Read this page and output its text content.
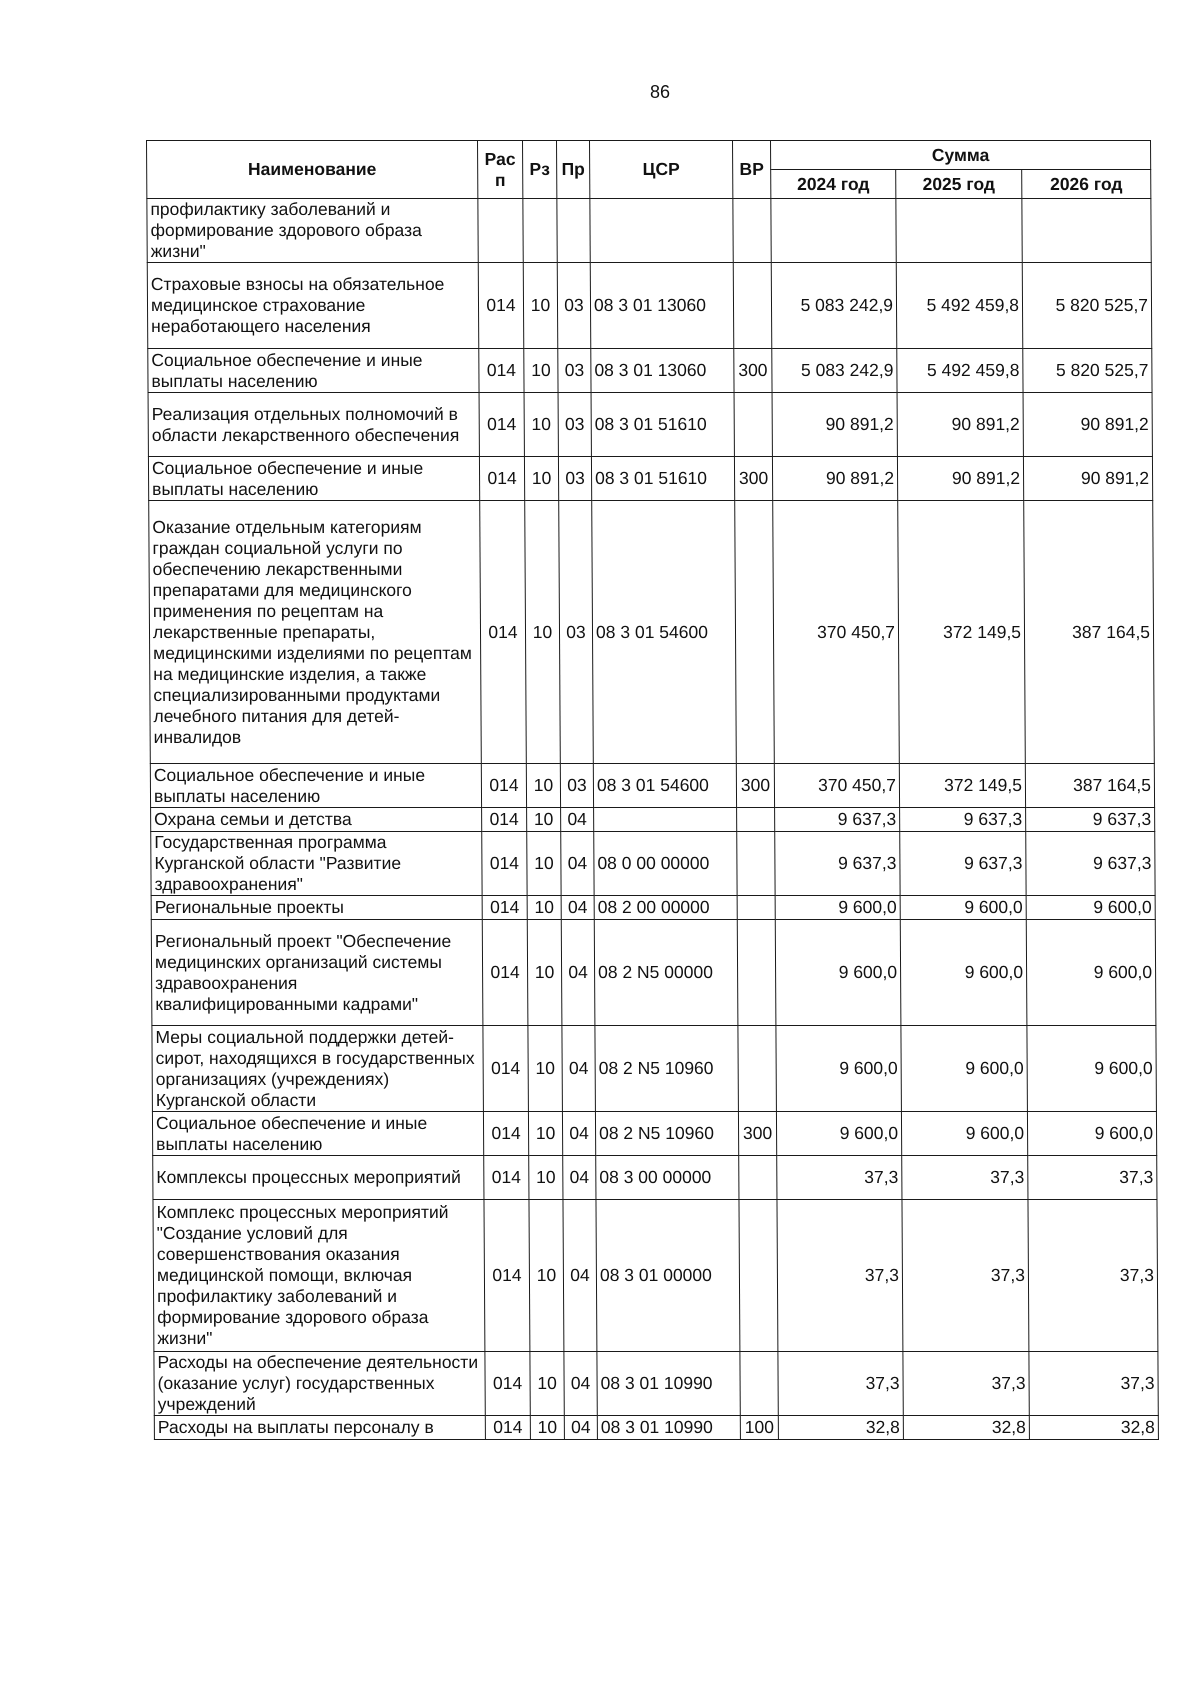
86
Наименование	Рас п	Рз	Пр	ЦСР	ВР	Сумма		
						2024 год	2025 год	2026 год
профилактику заболеваний и формирование здорового образа жизни"								
Страховые взносы на обязательное медицинское страхование неработающего населения	014	10	03	08 3 01 13060		5 083 242,9	5 492 459,8	5 820 525,7
Социальное обеспечение и иные выплаты населению	014	10	03	08 3 01 13060	300	5 083 242,9	5 492 459,8	5 820 525,7
Реализация отдельных полномочий в области лекарственного обеспечения	014	10	03	08 3 01 51610		90 891,2	90 891,2	90 891,2
Социальное обеспечение и иные выплаты населению	014	10	03	08 3 01 51610	300	90 891,2	90 891,2	90 891,2
Оказание отдельным категориям граждан социальной услуги по обеспечению лекарственными препаратами для медицинского применения по рецептам на лекарственные препараты, медицинскими изделиями по рецептам на медицинские изделия, а также специализированными продуктами лечебного питания для детей-инвалидов	014	10	03	08 3 01 54600		370 450,7	372 149,5	387 164,5
Социальное обеспечение и иные выплаты населению	014	10	03	08 3 01 54600	300	370 450,7	372 149,5	387 164,5
Охрана семьи и детства	014	10	04			9 637,3	9 637,3	9 637,3
Государственная программа Курганской области "Развитие здравоохранения"	014	10	04	08 0 00 00000		9 637,3	9 637,3	9 637,3
Региональные проекты	014	10	04	08 2 00 00000		9 600,0	9 600,0	9 600,0
Региональный проект "Обеспечение медицинских организаций системы здравоохранения квалифицированными кадрами"	014	10	04	08 2 N5 00000		9 600,0	9 600,0	9 600,0
Меры социальной поддержки детей-сирот, находящихся в государственных организациях (учреждениях) Курганской области	014	10	04	08 2 N5 10960		9 600,0	9 600,0	9 600,0
Социальное обеспечение и иные выплаты населению	014	10	04	08 2 N5 10960	300	9 600,0	9 600,0	9 600,0
Комплексы процессных мероприятий	014	10	04	08 3 00 00000		37,3	37,3	37,3
Комплекс процессных мероприятий "Создание условий для совершенствования оказания медицинской помощи, включая профилактику заболеваний и формирование здорового образа жизни"	014	10	04	08 3 01 00000		37,3	37,3	37,3
Расходы на обеспечение деятельности (оказание услуг) государственных учреждений	014	10	04	08 3 01 10990		37,3	37,3	37,3
Расходы на выплаты персоналу в	014	10	04	08 3 01 10990	100	32,8	32,8	32,8
